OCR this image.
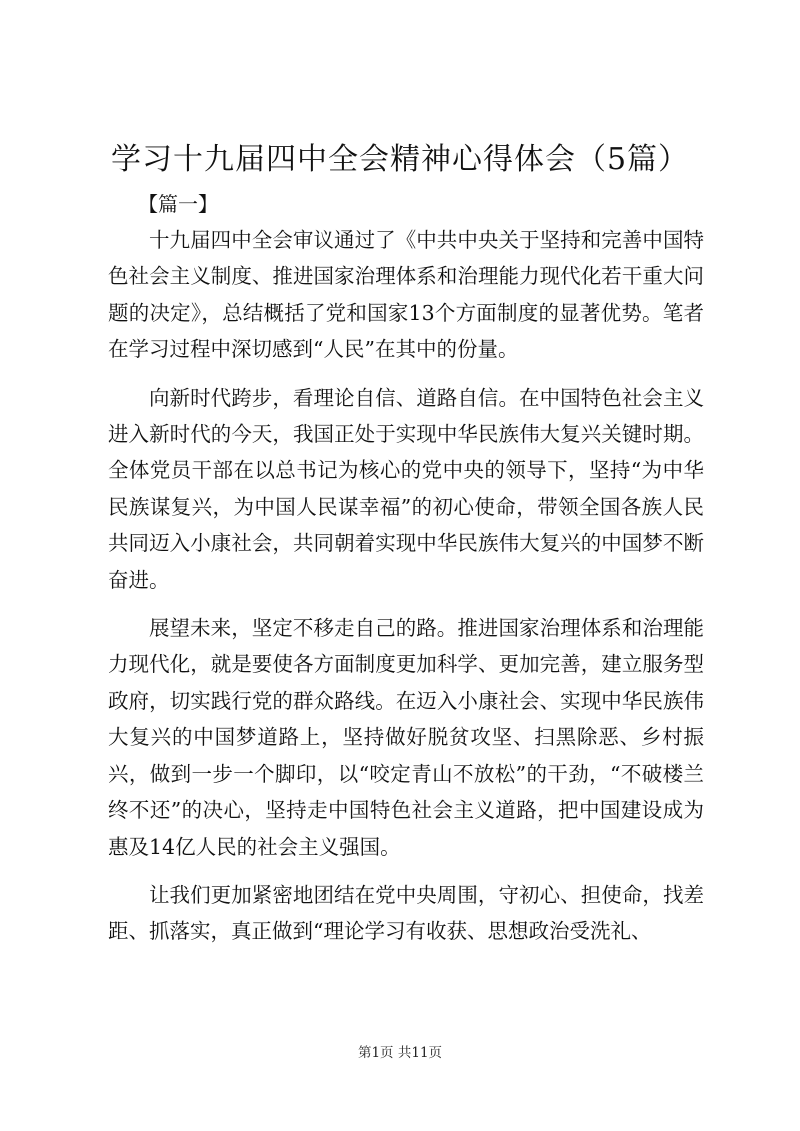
学习十九届四中全会精神心得体会（5篇）
【篇一】

十九届四中全会审议通过了《中共中央关于坚持和完善中国特色社会主义制度、推进国家治理体系和治理能力现代化若干重大问题的决定》，总结概括了党和国家13个方面制度的显著优势。笔者在学习过程中深切感到“人民”在其中的份量。

向新时代跨步，看理论自信、道路自信。在中国特色社会主义进入新时代的今天，我国正处于实现中华民族伟大复兴关键时期。全体党员干部在以总书记为核心的党中央的领导下，坚持“为中华民族谋复兴，为中国人民谋幸福”的初心使命，带领全国各族人民共同迈入小康社会，共同朝着实现中华民族伟大复兴的中国梦不断奋进。

展望未来，坚定不移走自己的路。推进国家治理体系和治理能力现代化，就是要使各方面制度更加科学、更加完善，建立服务型政府，切实践行党的群众路线。在迈入小康社会、实现中华民族伟大复兴的中国梦道路上，坚持做好脱贫攻坚、扫黑除恶、乡村振兴，做到一步一个脚印，以“咬定青山不放松”的干劲，“不破楼兰终不还”的决心，坚持走中国特色社会主义道路，把中国建设成为惠及14亿人民的社会主义强国。

让我们更加紧密地团结在党中央周围，守初心、担使命，找差距、抓落实，真正做到“理论学习有收获、思想政治受洗礼、

第1页 共11页
